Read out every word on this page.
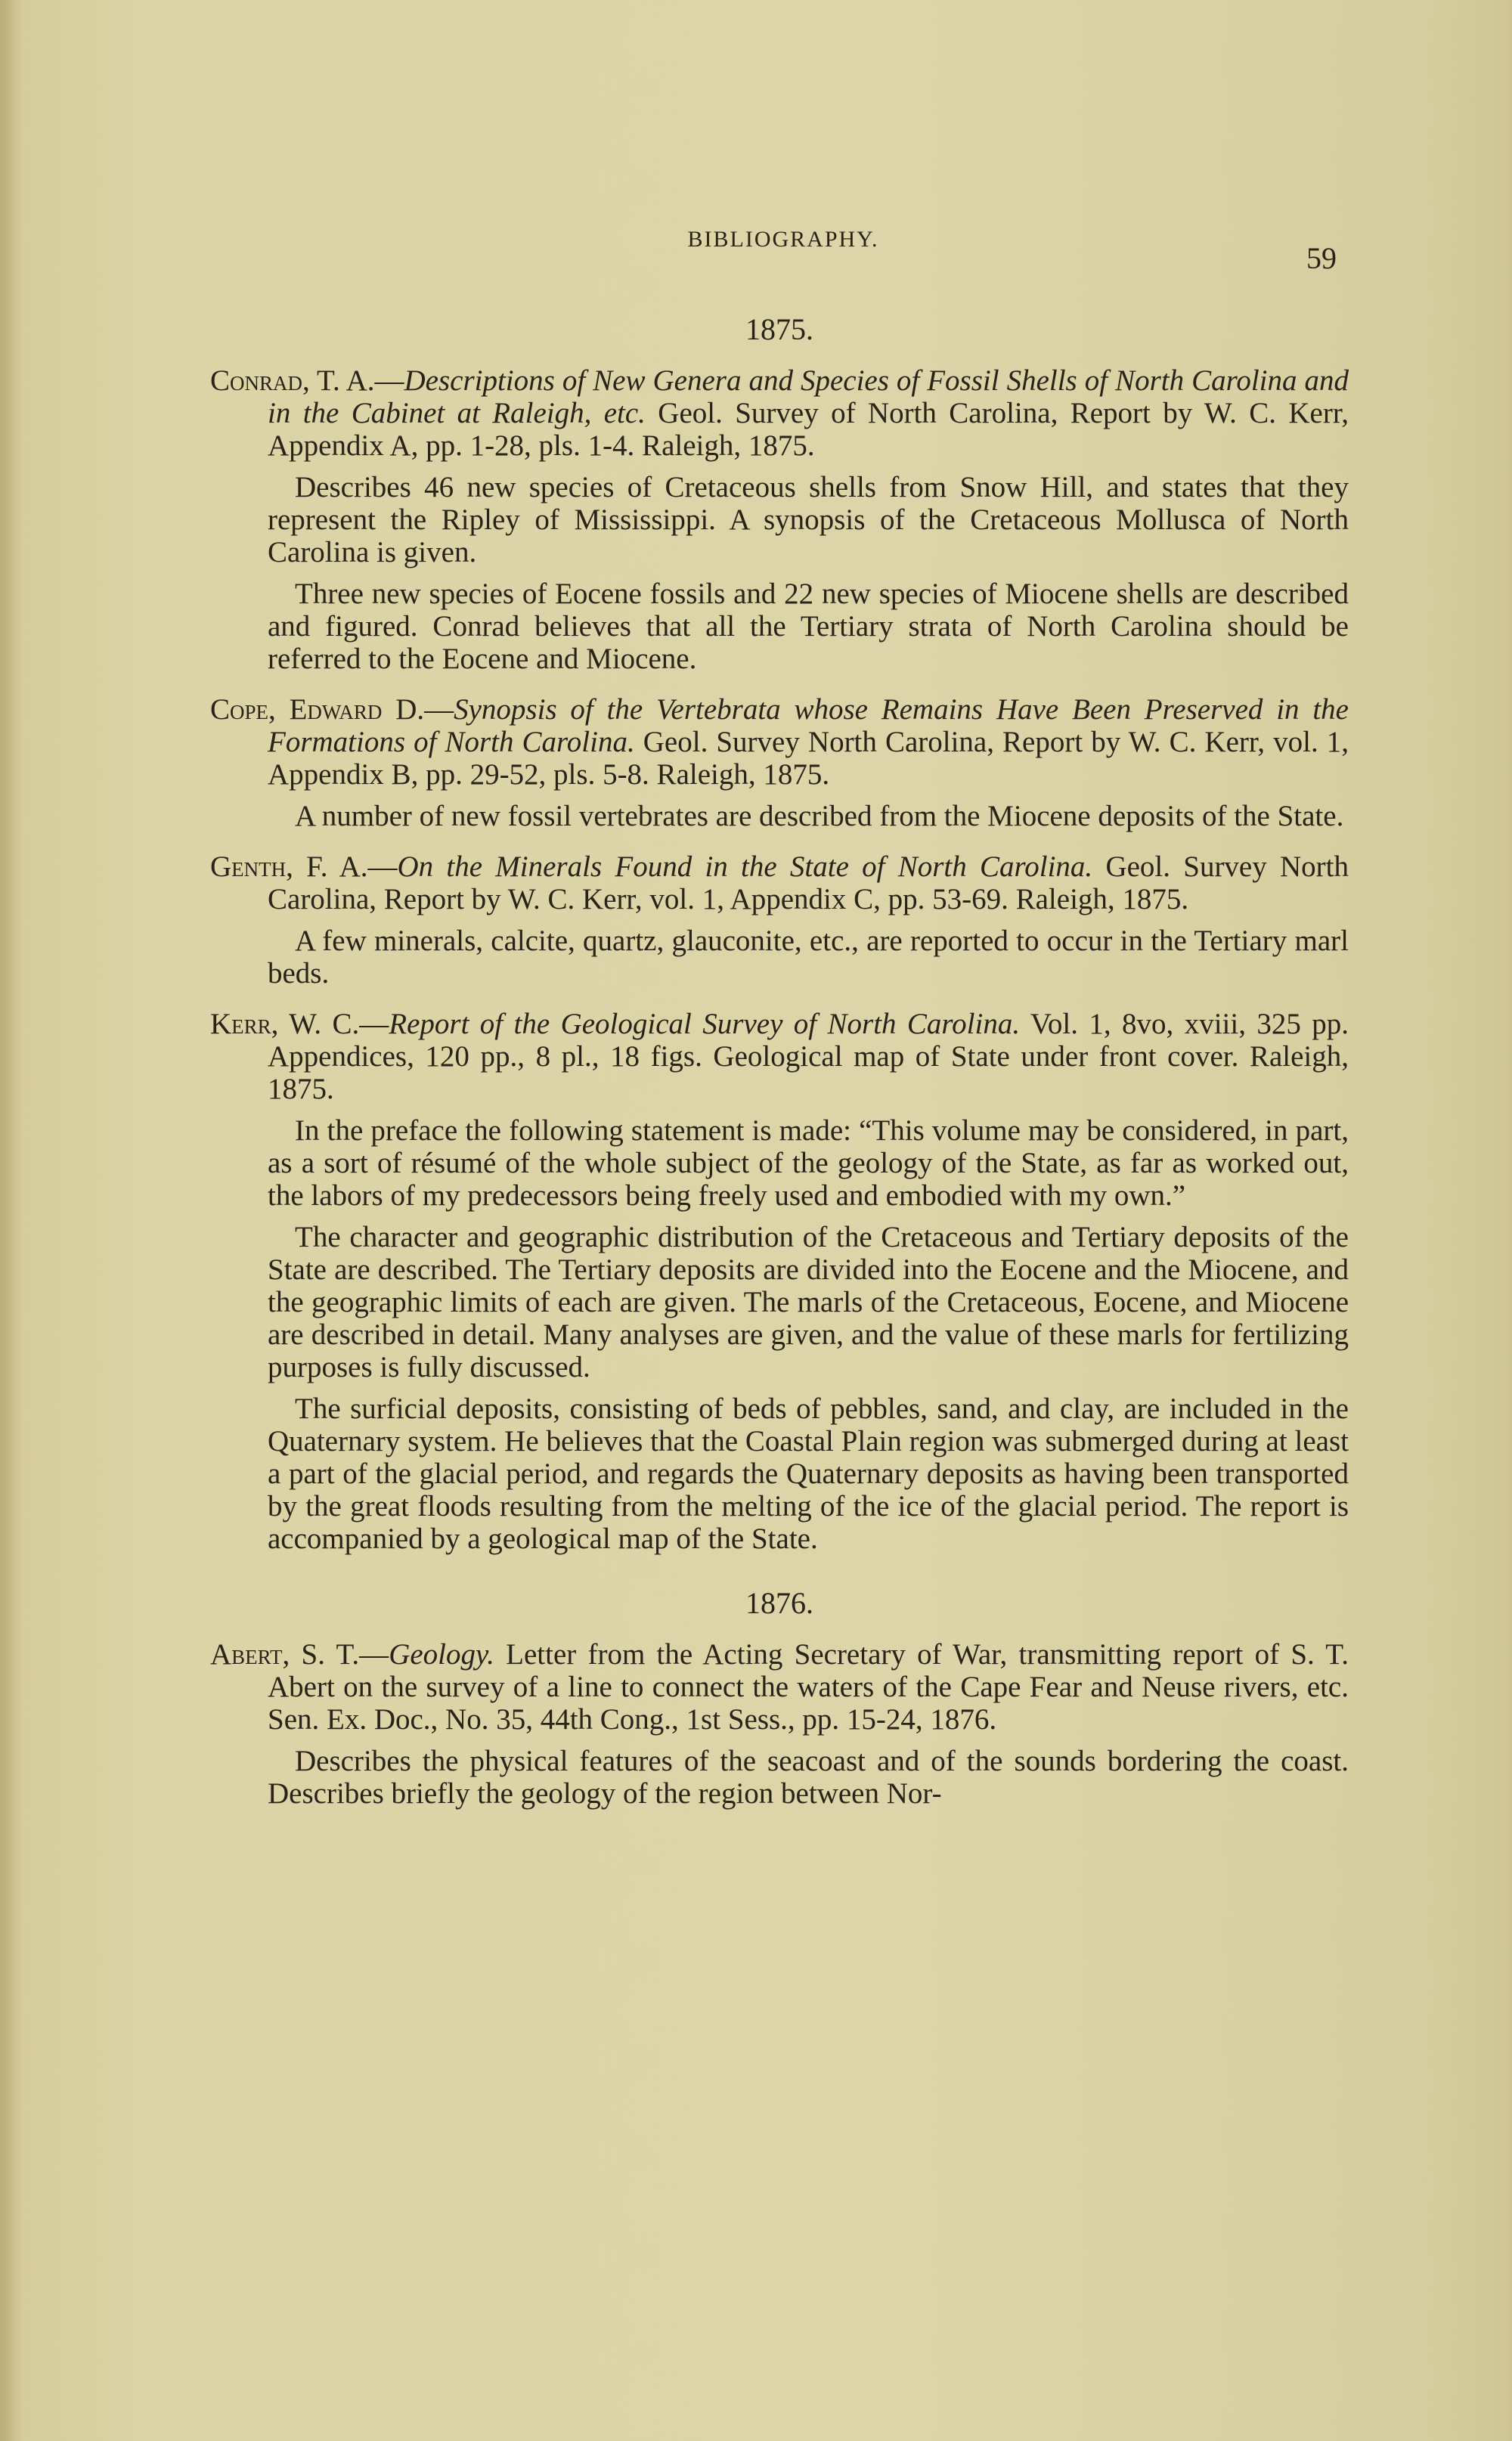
BIBLIOGRAPHY.
59
1875.
Conrad, T. A.—Descriptions of New Genera and Species of Fossil Shells of North Carolina and in the Cabinet at Raleigh, etc. Geol. Survey of North Carolina, Report by W. C. Kerr, Appendix A, pp. 1-28, pls. 1-4. Raleigh, 1875.
Describes 46 new species of Cretaceous shells from Snow Hill, and states that they represent the Ripley of Mississippi. A synopsis of the Cretaceous Mollusca of North Carolina is given.
Three new species of Eocene fossils and 22 new species of Miocene shells are described and figured. Conrad believes that all the Tertiary strata of North Carolina should be referred to the Eocene and Miocene.
Cope, Edward D.—Synopsis of the Vertebrata whose Remains Have Been Preserved in the Formations of North Carolina. Geol. Survey North Carolina, Report by W. C. Kerr, vol. 1, Appendix B, pp. 29-52, pls. 5-8. Raleigh, 1875.
A number of new fossil vertebrates are described from the Miocene deposits of the State.
Genth, F. A.—On the Minerals Found in the State of North Carolina. Geol. Survey North Carolina, Report by W. C. Kerr, vol. 1, Appendix C, pp. 53-69. Raleigh, 1875.
A few minerals, calcite, quartz, glauconite, etc., are reported to occur in the Tertiary marl beds.
Kerr, W. C.—Report of the Geological Survey of North Carolina. Vol. 1, 8vo, xviii, 325 pp. Appendices, 120 pp., 8 pl., 18 figs. Geological map of State under front cover. Raleigh, 1875.
In the preface the following statement is made: “This volume may be considered, in part, as a sort of résumé of the whole subject of the geology of the State, as far as worked out, the labors of my predecessors being freely used and embodied with my own.”
The character and geographic distribution of the Cretaceous and Tertiary deposits of the State are described. The Tertiary deposits are divided into the Eocene and the Miocene, and the geographic limits of each are given. The marls of the Cretaceous, Eocene, and Miocene are described in detail. Many analyses are given, and the value of these marls for fertilizing purposes is fully discussed.
The surficial deposits, consisting of beds of pebbles, sand, and clay, are included in the Quaternary system. He believes that the Coastal Plain region was submerged during at least a part of the glacial period, and regards the Quaternary deposits as having been transported by the great floods resulting from the melting of the ice of the glacial period. The report is accompanied by a geological map of the State.
1876.
Abert, S. T.—Geology. Letter from the Acting Secretary of War, transmitting report of S. T. Abert on the survey of a line to connect the waters of the Cape Fear and Neuse rivers, etc. Sen. Ex. Doc., No. 35, 44th Cong., 1st Sess., pp. 15-24, 1876.
Describes the physical features of the seacoast and of the sounds bordering the coast. Describes briefly the geology of the region between Nor-
